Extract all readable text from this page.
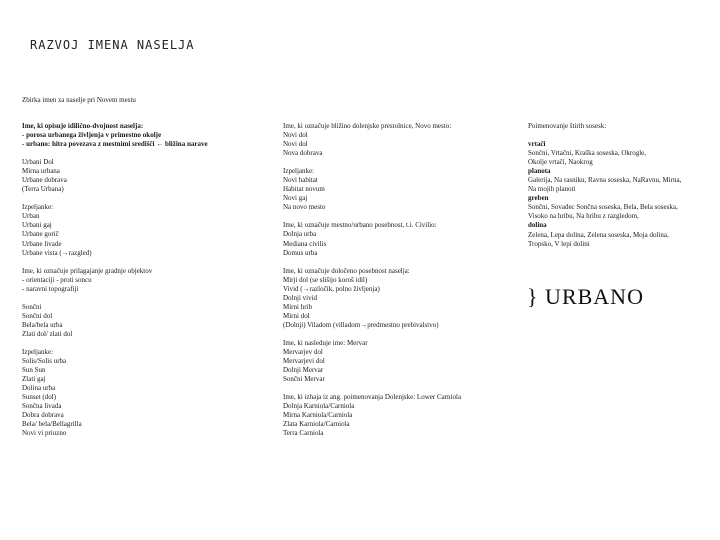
RAZVOJ IMENA NASELJA
Zbirka imen za naselje pri Novem mestu
Ime, ki opisuje idilično-dvojnost naselja:
- porosa urbanega življenja v primestno okolje
- urbano: hitra povezava z mestnimi središči ← bližina narave
Urbani Dol
Mirna urbana
Urbane dobrava
(Terra Urbana)
Izpeljanke:
Urban
Urbani gaj
Urbane gorič
Urbane livade
Urbane vista (→razgled)
Ime, ki označuje prilagajanje gradnje objektov
- orientaciji - proti soncu
- naravni topografiji
Sončni
Sončni dol
Bela/bela urba
Zlati dol/ zlati dol
Izpeljanke:
Solis/Solis urba
Sun Sun
Zlati gaj
Dolina urba
Sunset (dol)
Sončna livada
Dobra dobrava
Bela/ bela/Bellagrilla
Novi vi priuzno
Ime, ki označuje bližino dolenjske prestolnice, Novo mesto:
Novi dol
Novi dol
Nova dobrava
Izpeljanke:
Novi habitat
Habitat novum
Novi gaj
Na novo mesto
Ime, ki označuje mestno/urbano posebnost, t.i. Civilio:
Dolnja urba
Mediana civilis
Domus urba
Ime, ki označuje določeno posebnost naselja:
Mirji dol (se slišijo koroš idil)
Vivid (→razločik, polno življenja)
Dolnji vivid
Mirni hrib
Mirni dol
(Dolnji) Viladom (villadom→predmestno prebivalstvo)
Ime, ki nasleduje ime: Mervar
Mervarjev dol
Mervarjevi dol
Dolnji Mervar
Sončni Mervar
Ime, ki izhaja iz ang. poimenovanja Dolenjske: Lower Carniola
Dolnja Karniola/Carniola
Mirna Karniola/Carniola
Zlata Karniola/Carniola
Terra Carniola
Poimenovanje štirih sosesk:
vrtači
Sončni, Vrtačni, Kraška soseska, Okrogle,
Okolje vrtači, Naokrog
planota
Galerija, Na rasniku, Ravna soseska, NaRavnu, Mirna,
Na mojih planoti
greben
Sončni, Sovadec Sončna soseska, Bela, Bela soseska,
Visoko na hribu, Na hribu z razgledom,
dolina
Zelena, Lepa dolina, Zelena soseska, Moja dolina,
Tropsko, V lepi dolini
} URBANO
